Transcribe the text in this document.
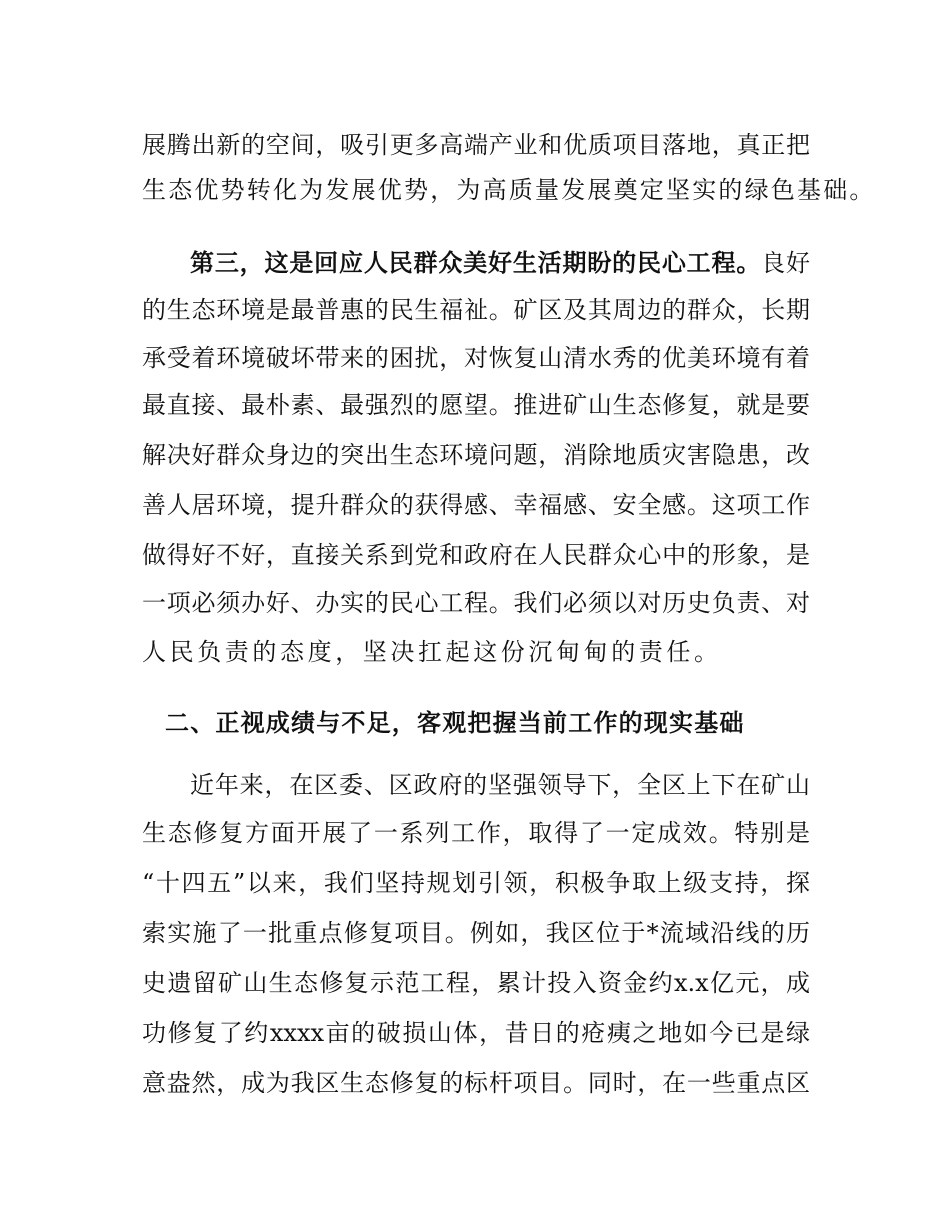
展腾出新的空间，吸引更多高端产业和优质项目落地，真正把
生态优势转化为发展优势，为高质量发展奠定坚实的绿色基础。
第三，这是回应人民群众美好生活期盼的民心工程。良好
的生态环境是最普惠的民生福祉。矿区及其周边的群众，长期
承受着环境破坏带来的困扰，对恢复山清水秀的优美环境有着
最直接、最朴素、最强烈的愿望。推进矿山生态修复，就是要
解决好群众身边的突出生态环境问题，消除地质灾害隐患，改
善人居环境，提升群众的获得感、幸福感、安全感。这项工作
做得好不好，直接关系到党和政府在人民群众心中的形象，是
一项必须办好、办实的民心工程。我们必须以对历史负责、对
人民负责的态度，坚决扛起这份沉甸甸的责任。
二、正视成绩与不足，客观把握当前工作的现实基础
近年来，在区委、区政府的坚强领导下，全区上下在矿山
生态修复方面开展了一系列工作，取得了一定成效。特别是
“十四五”以来，我们坚持规划引领，积极争取上级支持，探
索实施了一批重点修复项目。例如，我区位于*流域沿线的历
史遗留矿山生态修复示范工程，累计投入资金约x.x亿元，成
功修复了约xxxx亩的破损山体，昔日的疮痍之地如今已是绿
意盎然，成为我区生态修复的标杆项目。同时，在一些重点区
